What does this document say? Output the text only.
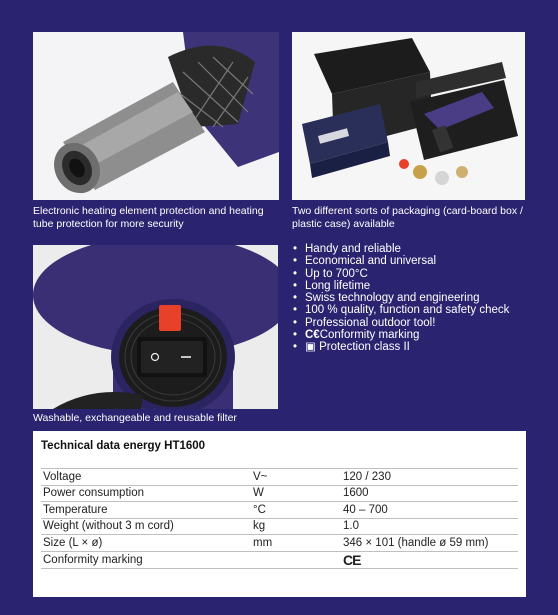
Electronic heating element protection and heating tube protection for more security
Two different sorts of packaging (card-board box / plastic case) available
Washable, exchangeable and reusable filter
• Handy and reliable
• Economical and universal
• Up to 700°C
• Long lifetime
• Swiss technology and engineering
• 100 % quality, function and safety check
• Professional outdoor tool!
• C€Conformity marking
• ▣ Protection class II
Technical data energy HT1600
Voltage	V~	120 / 230
Power consumption	W	1600
Temperature	°C	40 – 700
Weight (without 3 m cord)	kg	1.0
Size (L × ø)	mm	346 × 101 (handle ø 59 mm)
Conformity marking		CE
